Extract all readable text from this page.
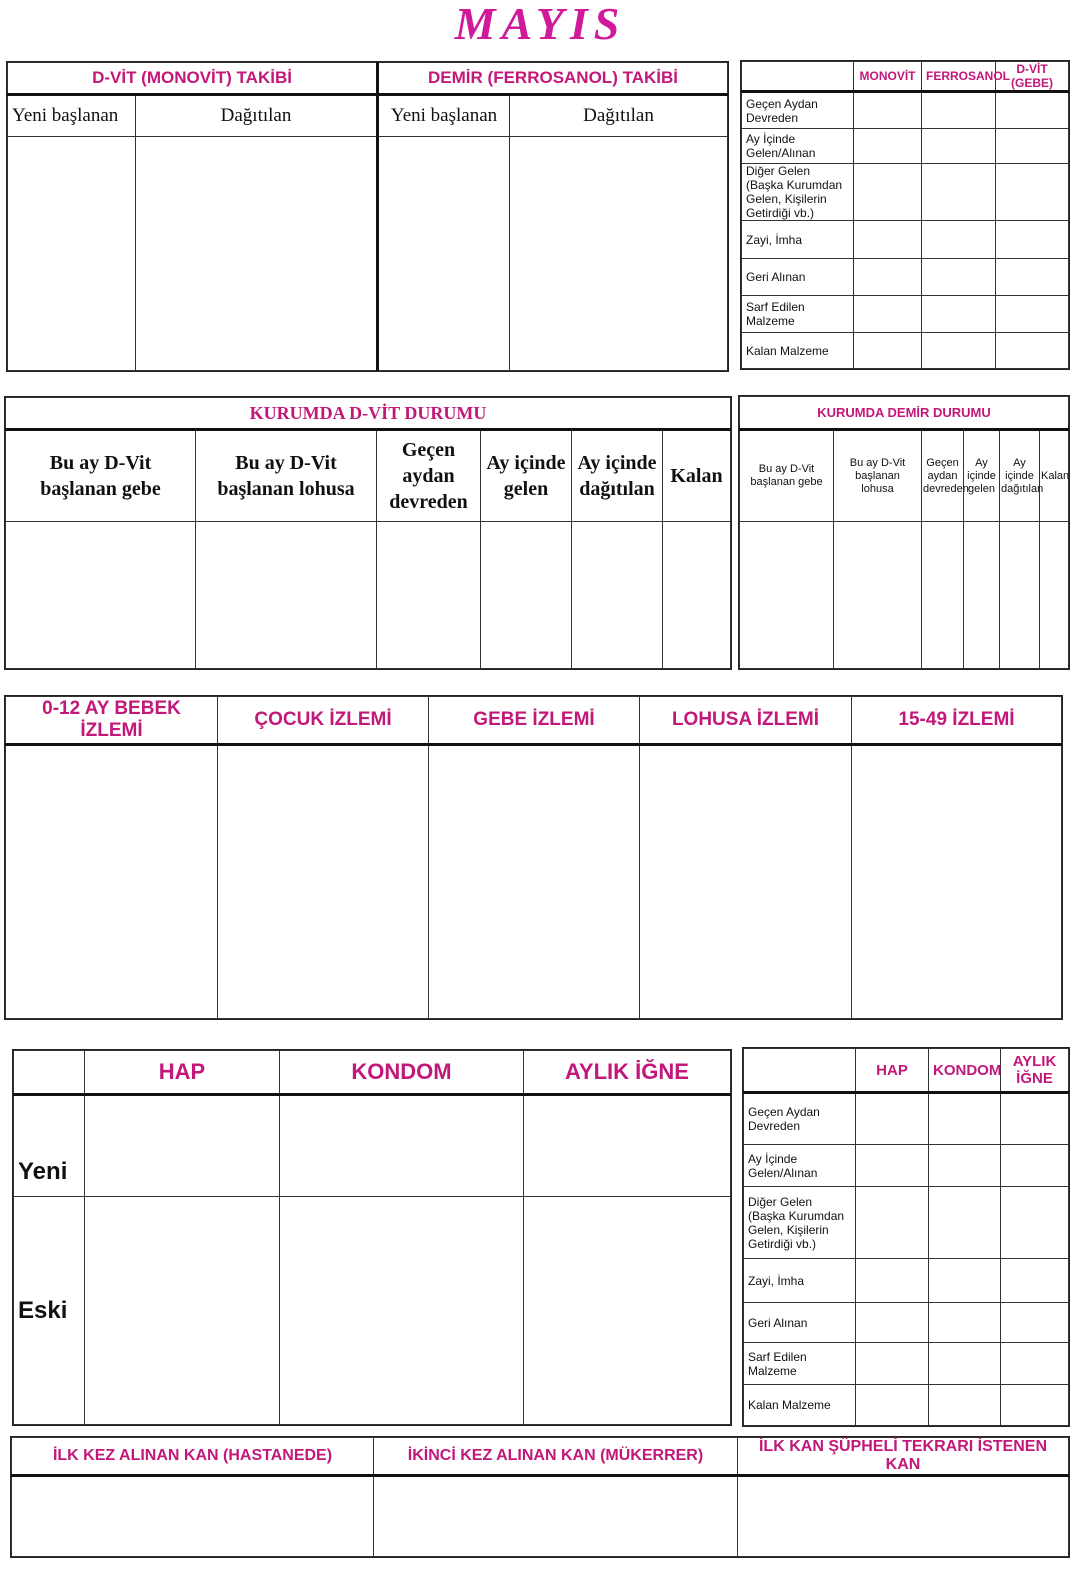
MAYIS
D-VİT (MONOVİT) TAKİBİ		DEMİR (FERROSANOL) TAKİBİ	
Yeni başlanan	Dağıtılan	Yeni başlanan	Dağıtılan

	MONOVİT	FERROSANOL	D-VİT (GEBE)
Geçen Aydan Devreden			
Ay İçinde Gelen/Alınan			
Diğer Gelen (Başka Kurumdan Gelen, Kişilerin Getirdiği vb.)			
Zayi, İmha			
Geri Alınan			
Sarf Edilen Malzeme			
Kalan Malzeme			
KURUMDA D-VİT DURUMU					
Bu ay D-Vit başlanan gebe	Bu ay D-Vit başlanan lohusa	Geçen aydan devreden	Ay içinde gelen	Ay içinde dağıtılan	Kalan

KURUMDA DEMİR DURUMU					
Bu ay D-Vit başlanan gebe	Bu ay D-Vit başlanan lohusa	Geçen aydan devreden	Ay içinde gelen	Ay içinde dağıtılan	Kalan

0-12 AY BEBEK İZLEMİ	ÇOCUK İZLEMİ	GEBE İZLEMİ	LOHUSA İZLEMİ	15-49 İZLEMİ

	HAP	KONDOM	AYLIK İĞNE
Yeni			
Eski			
	HAP	KONDOM	AYLIK İĞNE
Geçen Aydan Devreden			
Ay İçinde Gelen/Alınan			
Diğer Gelen (Başka Kurumdan Gelen, Kişilerin Getirdiği vb.)			
Zayi, İmha			
Geri Alınan			
Sarf Edilen Malzeme			
Kalan Malzeme			
İLK KEZ ALINAN KAN (HASTANEDE)	İKİNCİ KEZ ALINAN KAN (MÜKERRER)	İLK KAN ŞÜPHELİ TEKRARI İSTENEN KAN
